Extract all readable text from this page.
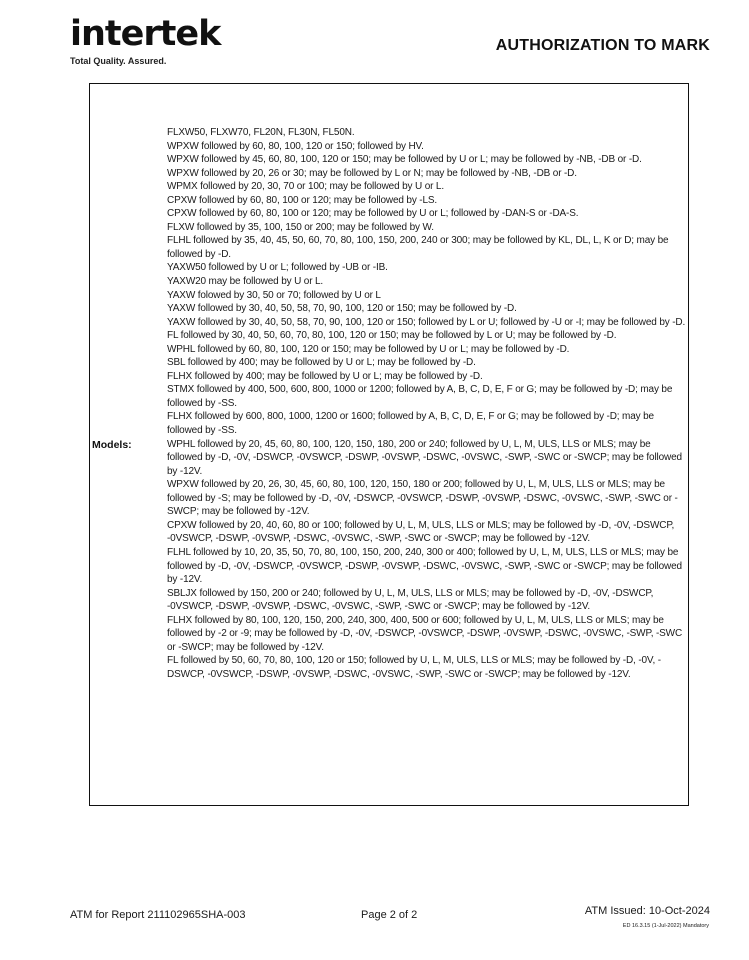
intertek
Total Quality. Assured.
AUTHORIZATION TO MARK
Models:
FLXW50, FLXW70, FL20N, FL30N, FL50N.
WPXW followed by 60, 80, 100, 120 or 150; followed by HV.
WPXW followed by 45, 60, 80, 100, 120 or 150; may be followed by U or L; may be followed by -NB, -DB or -D.
WPXW followed by 20, 26 or 30; may be followed by L or N; may be followed by -NB, -DB or -D.
WPMX followed by 20, 30, 70 or 100; may be followed by U or L.
CPXW followed by 60, 80, 100 or 120; may be followed by -LS.
CPXW followed by 60, 80, 100 or 120; may be followed by U or L; followed by -DAN-S or -DA-S.
FLXW followed by 35, 100, 150 or 200; may be followed by W.
FLHL followed by 35, 40, 45, 50, 60, 70, 80, 100, 150, 200, 240 or 300; may be followed by KL, DL, L, K or D; may be followed by -D.
YAXW50 followed by U or L; followed by -UB or -IB.
YAXW20 may be followed by U or L.
YAXW folowed by 30, 50 or 70; followed by U or L
YAXW followed by 30, 40, 50, 58, 70, 90, 100, 120 or 150; may be followed by -D.
YAXW followed by 30, 40, 50, 58, 70, 90, 100, 120 or 150; followed by L or U; followed by -U or -I; may be followed by -D.
FL followed by 30, 40, 50, 60, 70, 80, 100, 120 or 150; may be followed by L or U; may be followed by -D.
WPHL followed by 60, 80, 100, 120 or 150; may be followed by U or L; may be followed by -D.
SBL followed by 400; may be followed by U or L; may be followed by -D.
FLHX followed by 400; may be followed by U or L; may be followed by -D.
STMX followed by 400, 500, 600, 800, 1000 or 1200; followed by A, B, C, D, E, F or G; may be followed by -D; may be followed by -SS.
FLHX followed by 600, 800, 1000, 1200 or 1600; followed by A, B, C, D, E, F or G; may be followed by -D; may be followed by -SS.
WPHL followed by 20, 45, 60, 80, 100, 120, 150, 180, 200 or 240; followed by U, L, M, ULS, LLS or MLS; may be followed by -D, -0V, -DSWCP, -0VSWCP, -DSWP, -0VSWP, -DSWC, -0VSWC, -SWP, -SWC or -SWCP; may be followed by -12V.
WPXW followed by 20, 26, 30, 45, 60, 80, 100, 120, 150, 180 or 200; followed by U, L, M, ULS, LLS or MLS; may be followed by -S; may be followed by -D, -0V, -DSWCP, -0VSWCP, -DSWP, -0VSWP, -DSWC, -0VSWC, -SWP, -SWC or -SWCP; may be followed by -12V.
CPXW followed by 20, 40, 60, 80 or 100; followed by U, L, M, ULS, LLS or MLS; may be followed by -D, -0V, -DSWCP, -0VSWCP, -DSWP, -0VSWP, -DSWC, -0VSWC, -SWP, -SWC or -SWCP; may be followed by -12V.
FLHL followed by 10, 20, 35, 50, 70, 80, 100, 150, 200, 240, 300 or 400; followed by U, L, M, ULS, LLS or MLS; may be followed by -D, -0V, -DSWCP, -0VSWCP, -DSWP, -0VSWP, -DSWC, -0VSWC, -SWP, -SWC or -SWCP; may be followed by -12V.
SBLJX followed by 150, 200 or 240; followed by U, L, M, ULS, LLS or MLS; may be followed by -D, -0V, -DSWCP, -0VSWCP, -DSWP, -0VSWP, -DSWC, -0VSWC, -SWP, -SWC or -SWCP; may be followed by -12V.
FLHX followed by 80, 100, 120, 150, 200, 240, 300, 400, 500 or 600; followed by U, L, M, ULS, LLS or MLS; may be followed by -2 or -9; may be followed by -D, -0V, -DSWCP, -0VSWCP, -DSWP, -0VSWP, -DSWC, -0VSWC, -SWP, -SWC or -SWCP; may be followed by -12V.
FL followed by 50, 60, 70, 80, 100, 120 or 150; followed by U, L, M, ULS, LLS or MLS; may be followed by -D, -0V, -DSWCP, -0VSWCP, -DSWP, -0VSWP, -DSWC, -0VSWC, -SWP, -SWC or -SWCP; may be followed by -12V.
ATM for Report 211102965SHA-003	Page 2 of 2	ATM Issued: 10-Oct-2024
ED 16.3.15 (1-Jul-2022) Mandatory
